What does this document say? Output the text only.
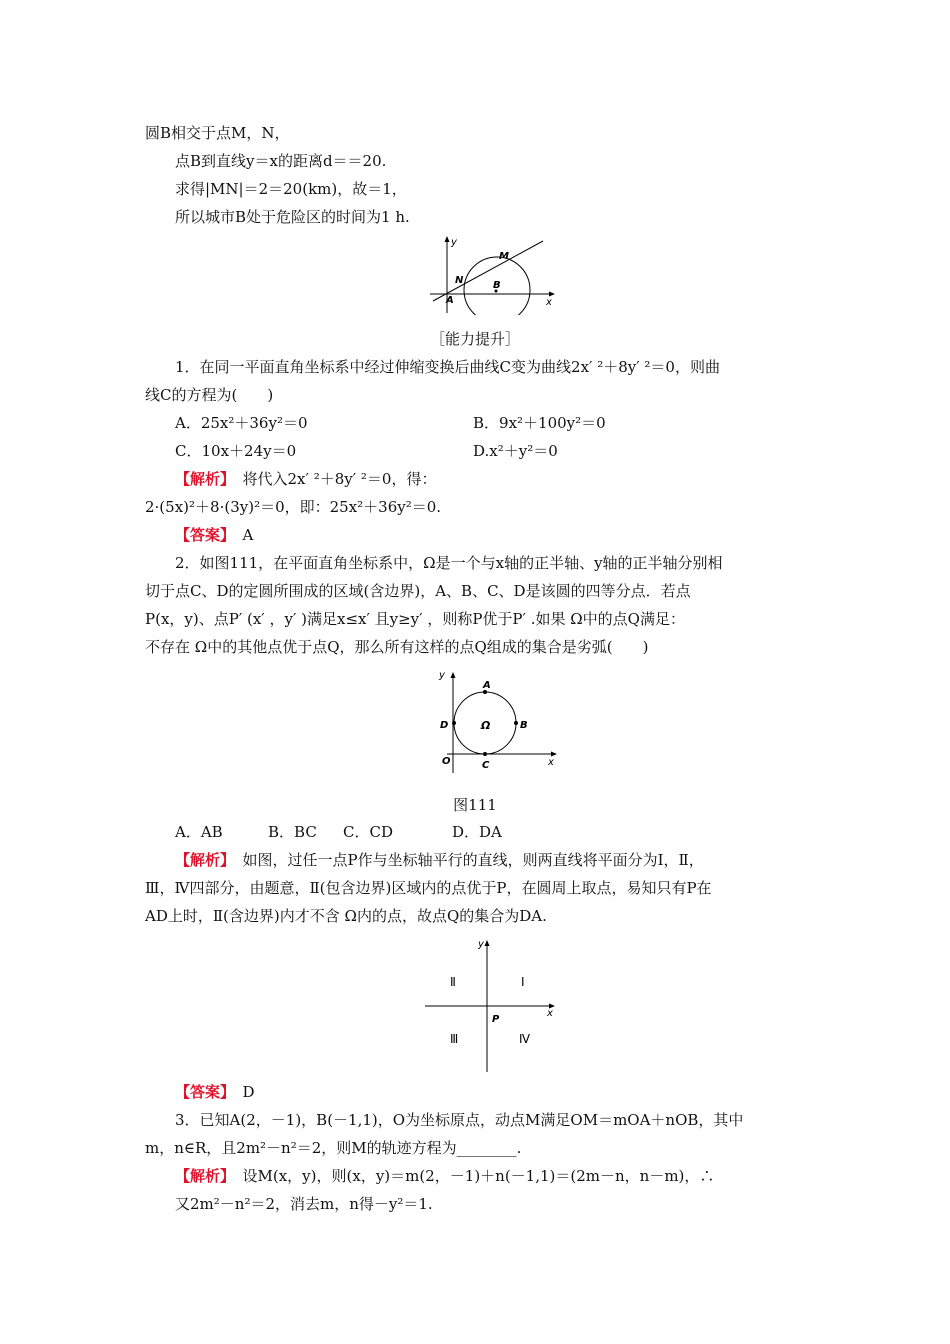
圆B相交于点M，N，
点B到直线y＝x的距离d＝＝20.
求得|MN|＝2＝20(km)，故＝1，
所以城市B处于危险区的时间为1 h.
y
x
M
N
A
B
［能力提升］
1．在同一平面直角坐标系中经过伸缩变换后曲线C变为曲线2x′ ²＋8y′ ²＝0，则曲
线C的方程为(　　)
A．25x²＋36y²＝0	B．9x²＋100y²＝0
C．10x＋24y＝0	D.x²＋y²＝0
【解析】　将代入2x′ ²＋8y′ ²＝0，得：
2·(5x)²＋8·(3y)²＝0，即：25x²＋36y²＝0.
【答案】　A
2．如图111，在平面直角坐标系中，Ω是一个与x轴的正半轴、y轴的正半轴分别相
切于点C、D的定圆所围成的区域(含边界)，A、B、C、D是该圆的四等分点．若点
P(x，y)、点P′ (x′ ，y′ )满足x≤x′ 且y≥y′ ，则称P优于P′ .如果 Ω中的点Q满足：
不存在 Ω中的其他点优于点Q，那么所有这样的点Q组成的集合是劣弧(　　)
y
x
A
B
C
D
O
Ω
图111
A．AB	B．BC C．CD	D．DA
【解析】　如图，过任一点P作与坐标轴平行的直线，则两直线将平面分为Ⅰ，Ⅱ，
Ⅲ，Ⅳ四部分，由题意，Ⅱ(包含边界)区域内的点优于P，在圆周上取点，易知只有P在
AD上时，Ⅱ(含边界)内才不含 Ω内的点，故点Q的集合为DA.
y
x
P
Ⅰ
Ⅱ
Ⅲ	Ⅳ
【答案】　D
3．已知A(2，－1)，B(－1,1)，O为坐标原点，动点M满足OM＝mOA＋nOB，其中
m，n∈R，且2m²－n²＝2，则M的轨迹方程为________.
【解析】　设M(x，y)，则(x，y)＝m(2，－1)＋n(－1,1)＝(2m－n，n－m)，∴
又2m²－n²＝2，消去m，n得－y²＝1.
